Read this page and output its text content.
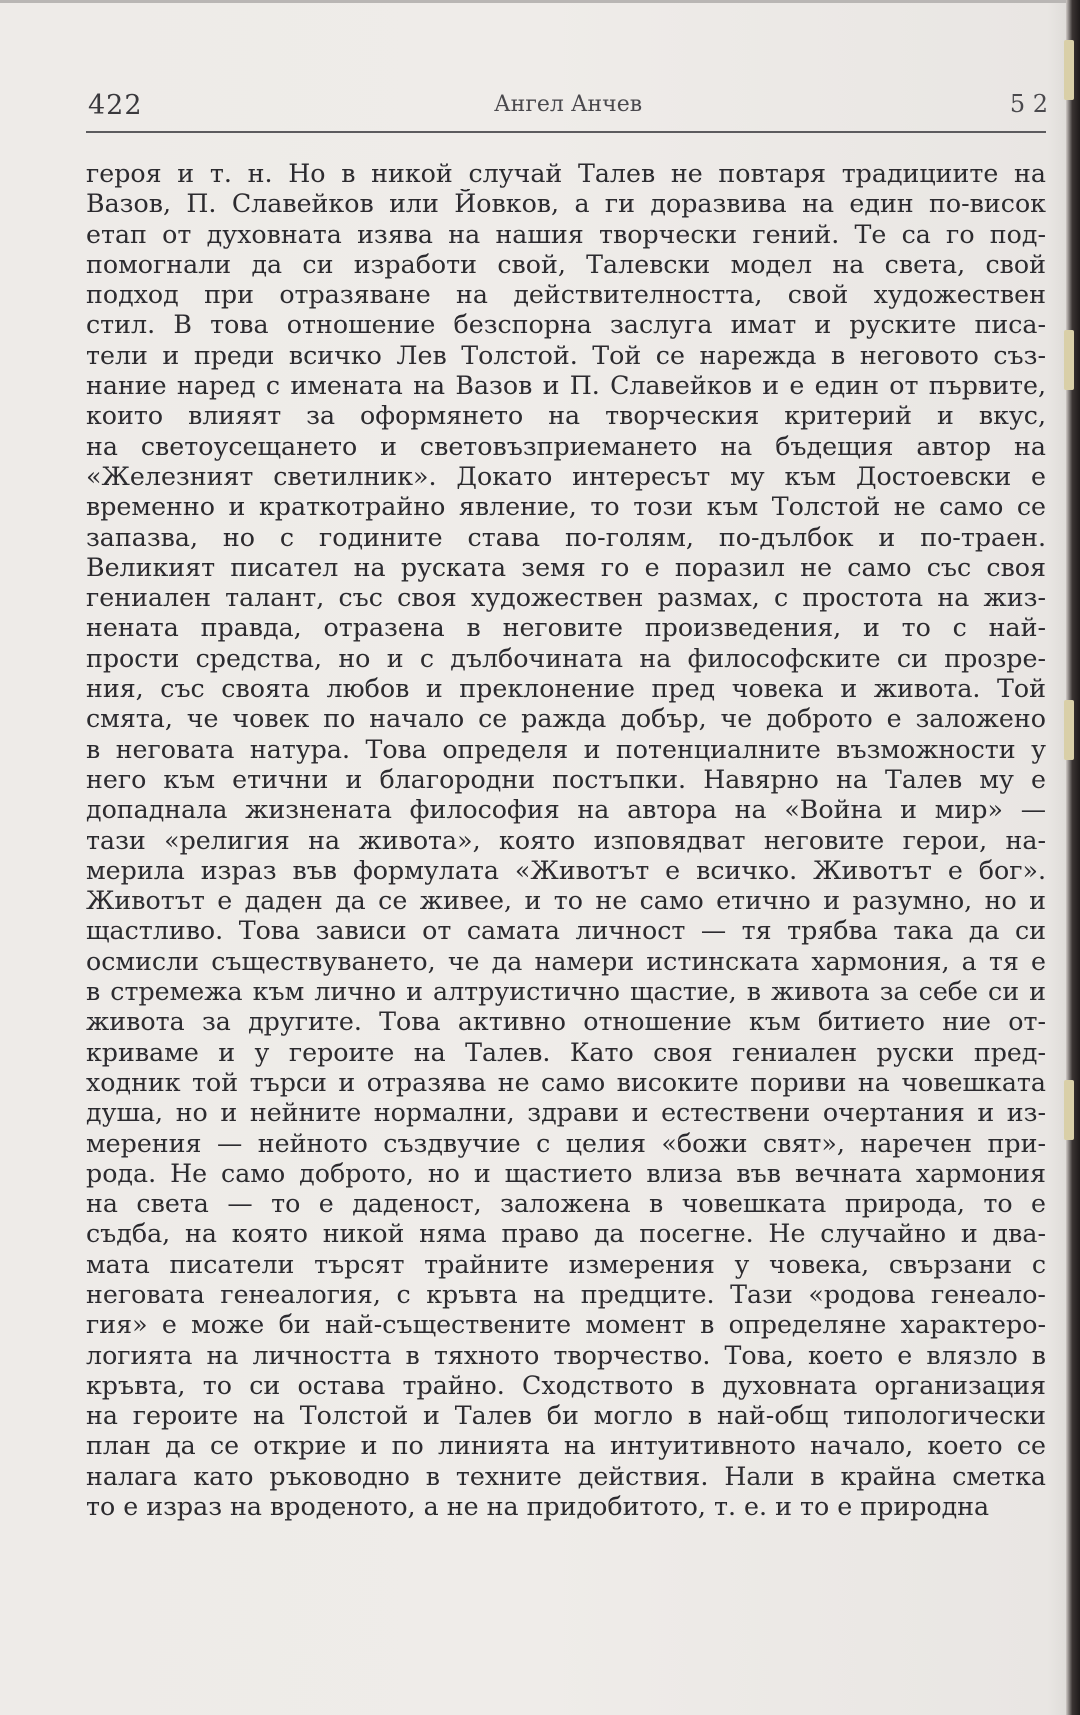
422	Ангел Анчев	5 2
героя и т. н. Но в никой случай Талев не повтаря традициите на
Вазов, П. Славейков или Йовков, а ги доразвива на един по-висок
етап от духовната изява на нашия творчески гений. Те са го под-
помогнали да си изработи свой, Талевски модел на света, свой
подход при отразяване на действителността, свой художествен
стил. В това отношение безспорна заслуга имат и руските писа-
тели и преди всичко Лев Толстой. Той се нарежда в неговото съз-
нание наред с имената на Вазов и П. Славейков и е един от първите,
които влияят за оформянето на творческия критерий и вкус,
на светоусещането и световъзприемането на бъдещия автор на
«Железният светилник». Докато интересът му към Достоевски е
временно и краткотрайно явление, то този към Толстой не само се
запазва, но с годините става по-голям, по-дълбок и по-траен.
Великият писател на руската земя го е поразил не само със своя
гениален талант, със своя художествен размах, с простота на жиз-
нената правда, отразена в неговите произведения, и то с най-
прости средства, но и с дълбочината на философските си прозре-
ния, със своята любов и преклонение пред човека и живота. Той
смята, че човек по начало се ражда добър, че доброто е заложено
в неговата натура. Това определя и потенциалните възможности у
него към етични и благородни постъпки. Навярно на Талев му е
допаднала жизнената философия на автора на «Война и мир» —
тази «религия на живота», която изповядват неговите герои, на-
мерила израз във формулата «Животът е всичко. Животът е бог».
Животът е даден да се живее, и то не само етично и разумно, но и
щастливо. Това зависи от самата личност — тя трябва така да си
осмисли съществуването, че да намери истинската хармония, а тя е
в стремежа към лично и алтруистично щастие, в живота за себе си и
живота за другите. Това активно отношение към битието ние от-
криваме и у героите на Талев. Като своя гениален руски пред-
ходник той търси и отразява не само високите пориви на човешката
душа, но и нейните нормални, здрави и естествени очертания и из-
мерения — нейното създвучие с целия «божи свят», наречен при-
рода. Не само доброто, но и щастието влиза във вечната хармония
на света — то е даденост, заложена в човешката природа, то е
съдба, на която никой няма право да посегне. Не случайно и два-
мата писатели търсят трайните измерения у човека, свързани с
неговата генеалогия, с кръвта на предците. Тази «родова генеало-
гия» е може би най-съществените момент в определяне характеро-
логията на личността в тяхното творчество. Това, което е влязло в
кръвта, то си остава трайно. Сходството в духовната организация
на героите на Толстой и Талев би могло в най-общ типологически
план да се открие и по линията на интуитивното начало, което се
налага като ръководно в техните действия. Нали в крайна сметка
то е израз на вроденото, а не на придобитото, т. е. и то е природна
